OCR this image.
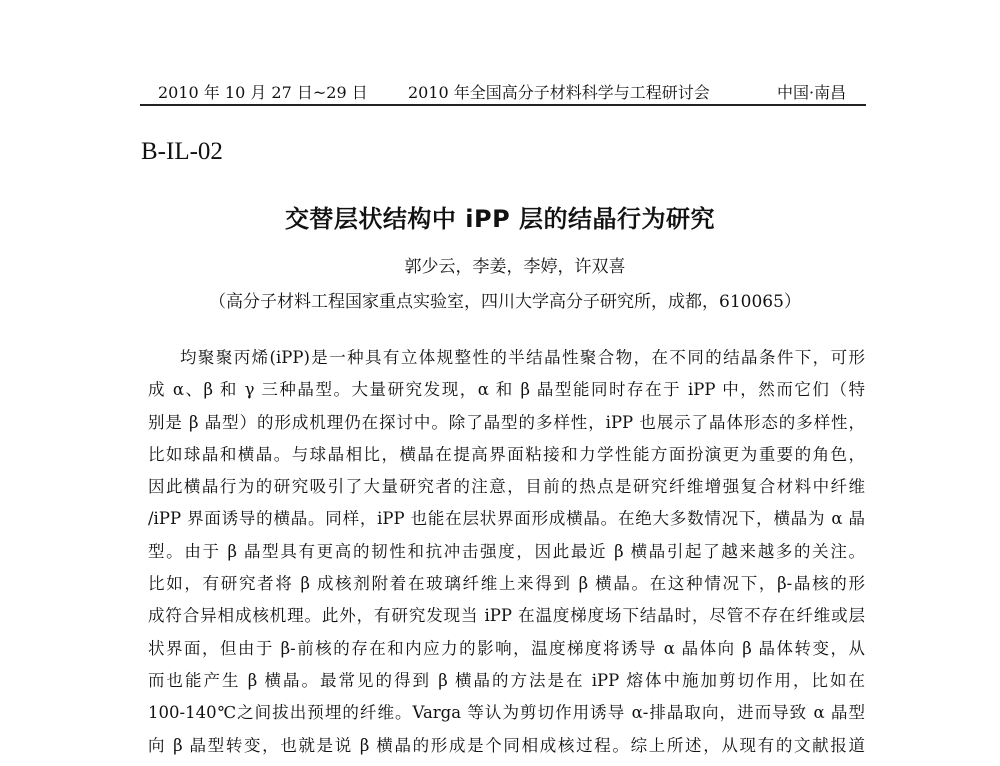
2010 年 10 月 27 日~29 日	2010 年全国高分子材料科学与工程研讨会	中国·南昌
B-IL-02
交替层状结构中 iPP 层的结晶行为研究
郭少云，李姜，李婷，许双喜
（高分子材料工程国家重点实验室，四川大学高分子研究所，成都，610065）
均聚聚丙烯(iPP)是一种具有立体规整性的半结晶性聚合物，在不同的结晶条件下，可形
成 α、β 和 γ 三种晶型。大量研究发现，α 和 β 晶型能同时存在于 iPP 中，然而它们（特
别是 β 晶型）的形成机理仍在探讨中。除了晶型的多样性，iPP 也展示了晶体形态的多样性，
比如球晶和横晶。与球晶相比，横晶在提高界面粘接和力学性能方面扮演更为重要的角色，
因此横晶行为的研究吸引了大量研究者的注意，目前的热点是研究纤维增强复合材料中纤维
/iPP 界面诱导的横晶。同样，iPP 也能在层状界面形成横晶。在绝大多数情况下，横晶为 α 晶
型。由于 β 晶型具有更高的韧性和抗冲击强度，因此最近 β 横晶引起了越来越多的关注。
比如，有研究者将 β 成核剂附着在玻璃纤维上来得到 β 横晶。在这种情况下，β-晶核的形
成符合异相成核机理。此外，有研究发现当 iPP 在温度梯度场下结晶时，尽管不存在纤维或层
状界面，但由于 β-前核的存在和内应力的影响，温度梯度将诱导 α 晶体向 β 晶体转变，从
而也能产生 β 横晶。最常见的得到 β 横晶的方法是在 iPP 熔体中施加剪切作用，比如在
100-140℃之间拔出预埋的纤维。Varga 等认为剪切作用诱导 α-排晶取向，进而导致 α 晶型
向 β 晶型转变，也就是说 β 横晶的形成是个同相成核过程。综上所述，从现有的文献报道
